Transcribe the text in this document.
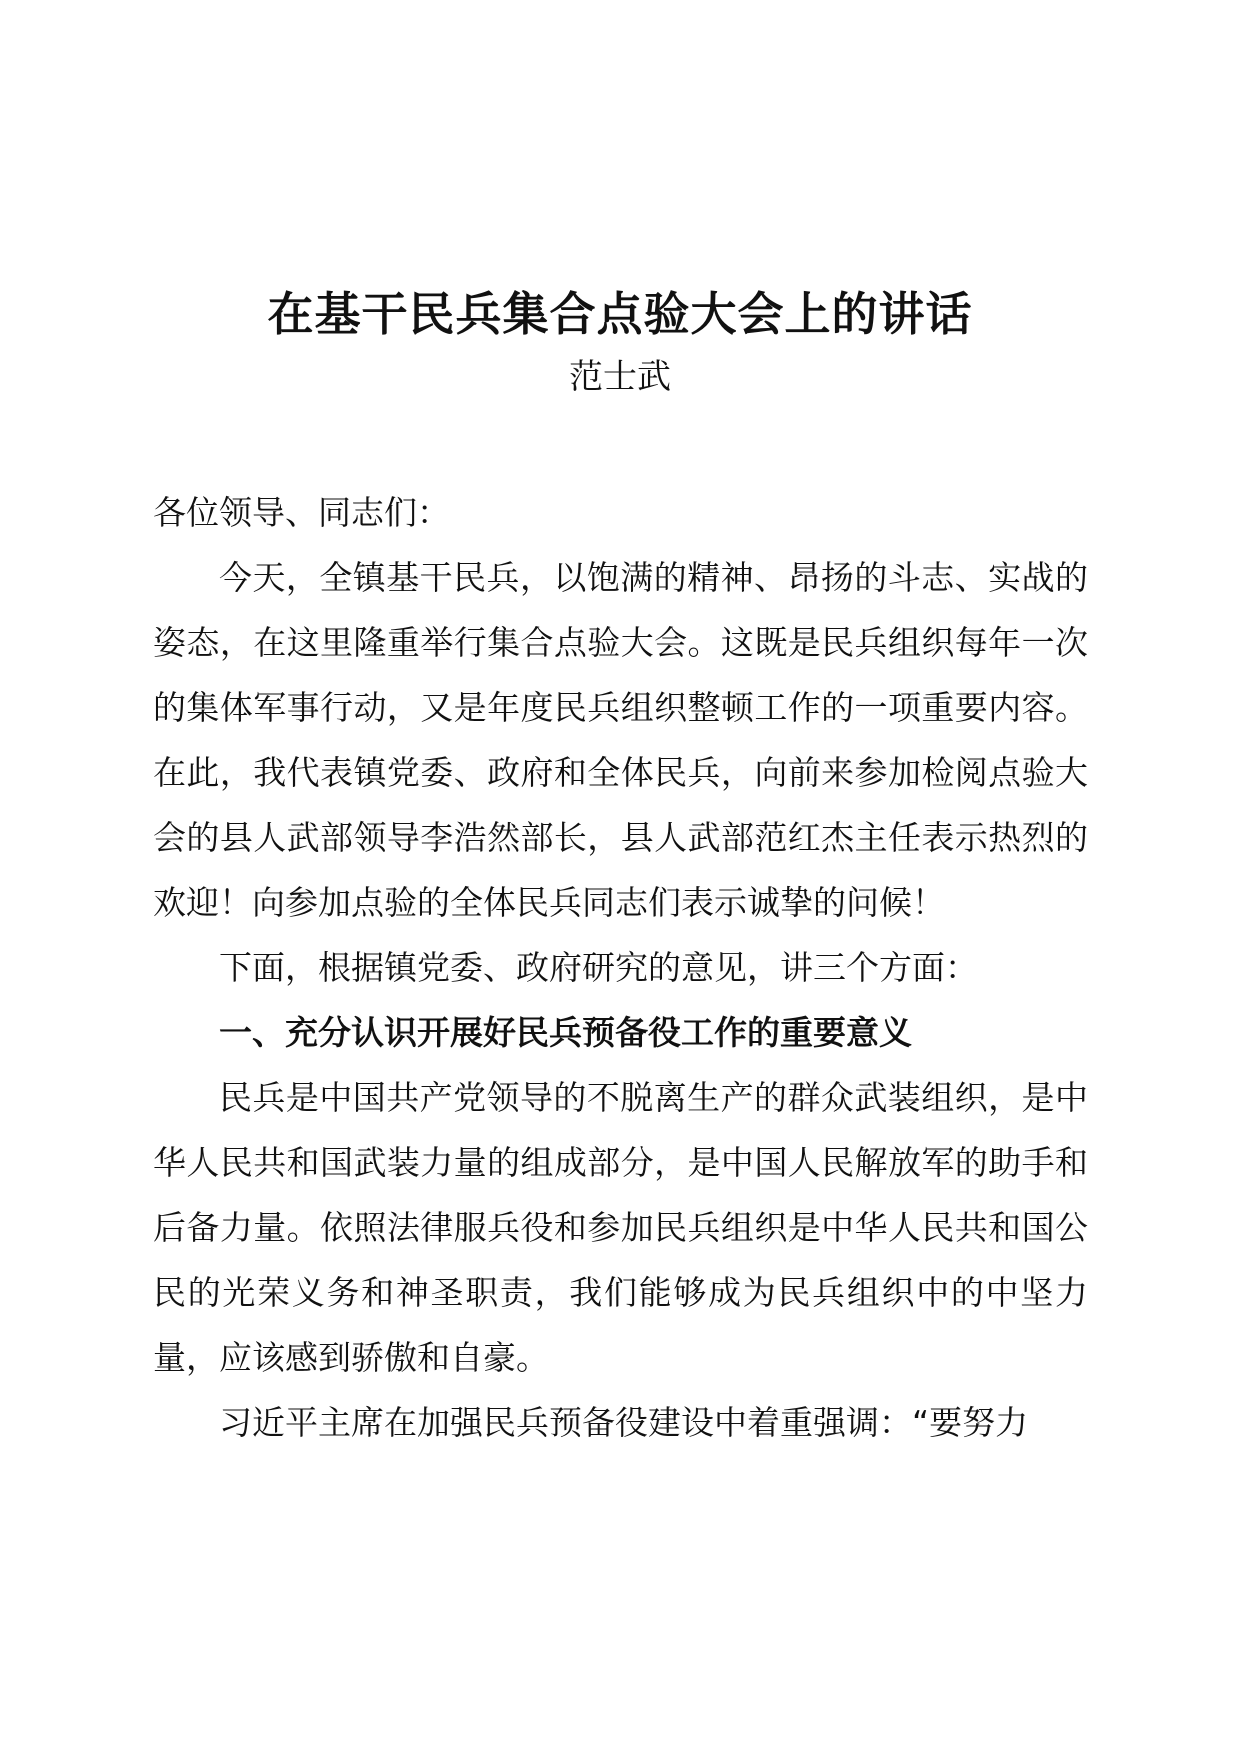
在基干民兵集合点验大会上的讲话

范士武

各位领导、同志们：

今天，全镇基干民兵，以饱满的精神、昂扬的斗志、实战的姿态，在这里隆重举行集合点验大会。这既是民兵组织每年一次的集体军事行动，又是年度民兵组织整顿工作的一项重要内容。在此，我代表镇党委、政府和全体民兵，向前来参加检阅点验大会的县人武部领导李浩然部长，县人武部范红杰主任表示热烈的欢迎！向参加点验的全体民兵同志们表示诚挚的问候！

下面，根据镇党委、政府研究的意见，讲三个方面：

一、充分认识开展好民兵预备役工作的重要意义

民兵是中国共产党领导的不脱离生产的群众武装组织，是中华人民共和国武装力量的组成部分，是中国人民解放军的助手和后备力量。依照法律服兵役和参加民兵组织是中华人民共和国公民的光荣义务和神圣职责，我们能够成为民兵组织中的中坚力量，应该感到骄傲和自豪。

习近平主席在加强民兵预备役建设中着重强调：“要努力
